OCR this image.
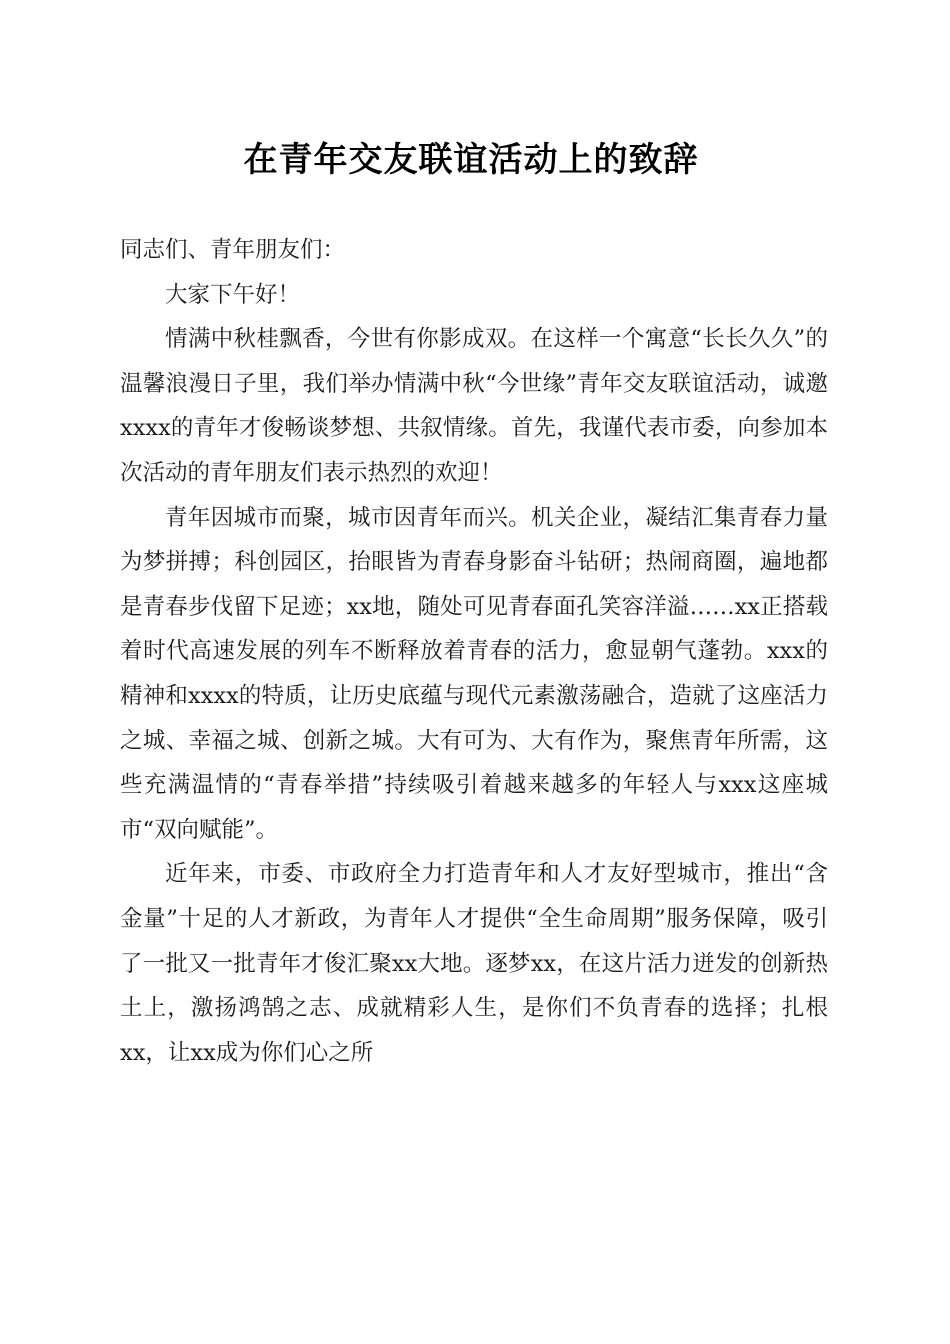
在青年交友联谊活动上的致辞

同志们、青年朋友们：

大家下午好！

情满中秋桂飘香，今世有你影成双。在这样一个寓意“长长久久”的温馨浪漫日子里，我们举办情满中秋“今世缘”青年交友联谊活动，诚邀xxxx的青年才俊畅谈梦想、共叙情缘。首先，我谨代表市委，向参加本次活动的青年朋友们表示热烈的欢迎！

青年因城市而聚，城市因青年而兴。机关企业，凝结汇集青春力量为梦拼搏；科创园区，抬眼皆为青春身影奋斗钻研；热闹商圈，遍地都是青春步伐留下足迹；xx地，随处可见青春面孔笑容洋溢……xx正搭载着时代高速发展的列车不断释放着青春的活力，愈显朝气蓬勃。xxx的精神和xxxx的特质，让历史底蕴与现代元素激荡融合，造就了这座活力之城、幸福之城、创新之城。大有可为、大有作为，聚焦青年所需，这些充满温情的“青春举措”持续吸引着越来越多的年轻人与xxx这座城市“双向赋能”。

近年来，市委、市政府全力打造青年和人才友好型城市，推出“含金量”十足的人才新政，为青年人才提供“全生命周期”服务保障，吸引了一批又一批青年才俊汇聚xx大地。逐梦xx，在这片活力迸发的创新热土上，激扬鸿鹄之志、成就精彩人生，是你们不负青春的选择；扎根xx，让xx成为你们心之所
